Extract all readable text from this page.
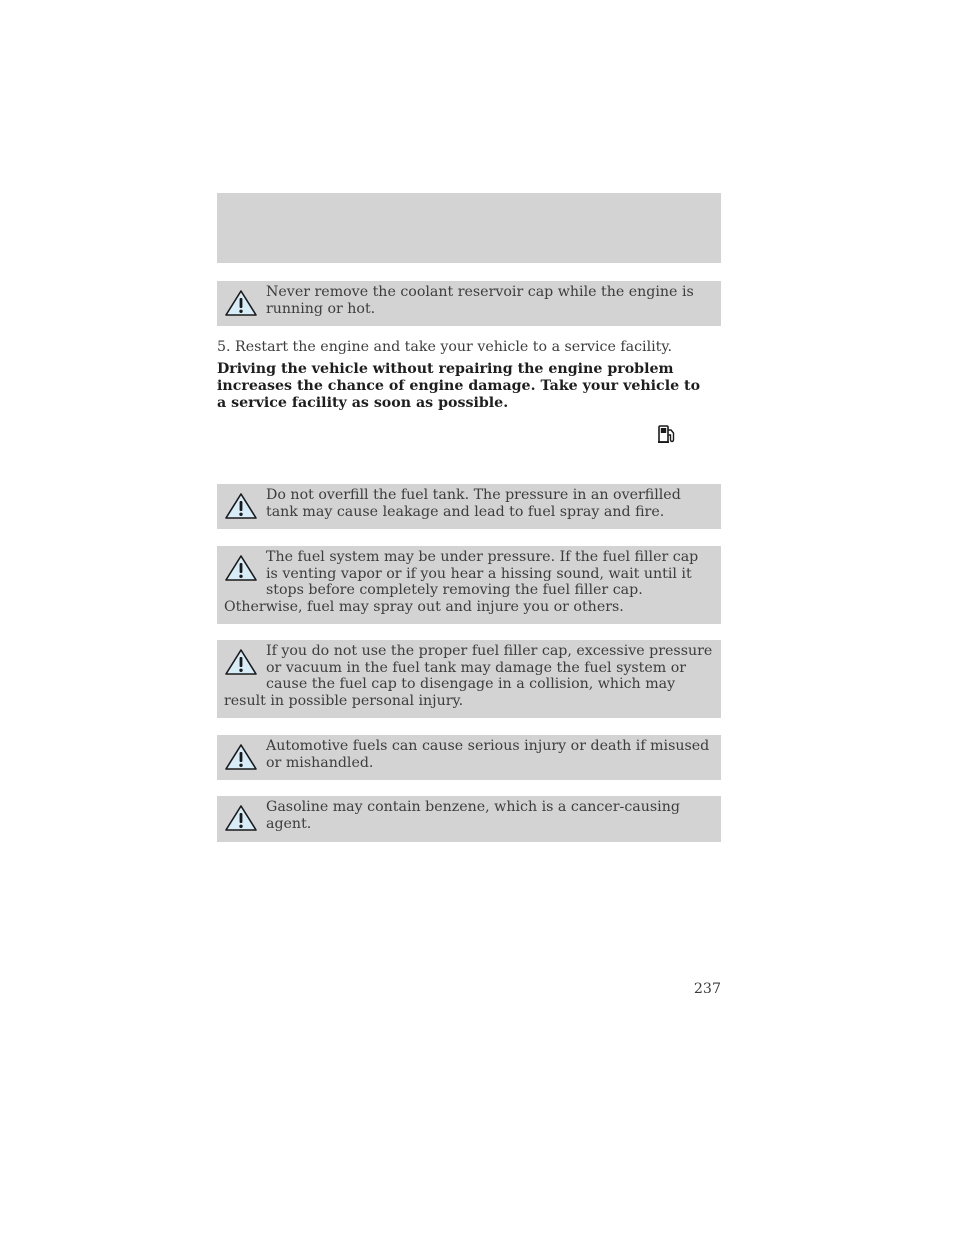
Never remove the coolant reservoir cap while the engine is running or hot.
5. Restart the engine and take your vehicle to a service facility.
Driving the vehicle without repairing the engine problem increases the chance of engine damage. Take your vehicle to a service facility as soon as possible.
Do not overfill the fuel tank. The pressure in an overfilled tank may cause leakage and lead to fuel spray and fire.
The fuel system may be under pressure. If the fuel filler cap is venting vapor or if you hear a hissing sound, wait until it stops before completely removing the fuel filler cap. Otherwise, fuel may spray out and injure you or others.
If you do not use the proper fuel filler cap, excessive pressure or vacuum in the fuel tank may damage the fuel system or cause the fuel cap to disengage in a collision, which may result in possible personal injury.
Automotive fuels can cause serious injury or death if misused or mishandled.
Gasoline may contain benzene, which is a cancer-causing agent.
237
